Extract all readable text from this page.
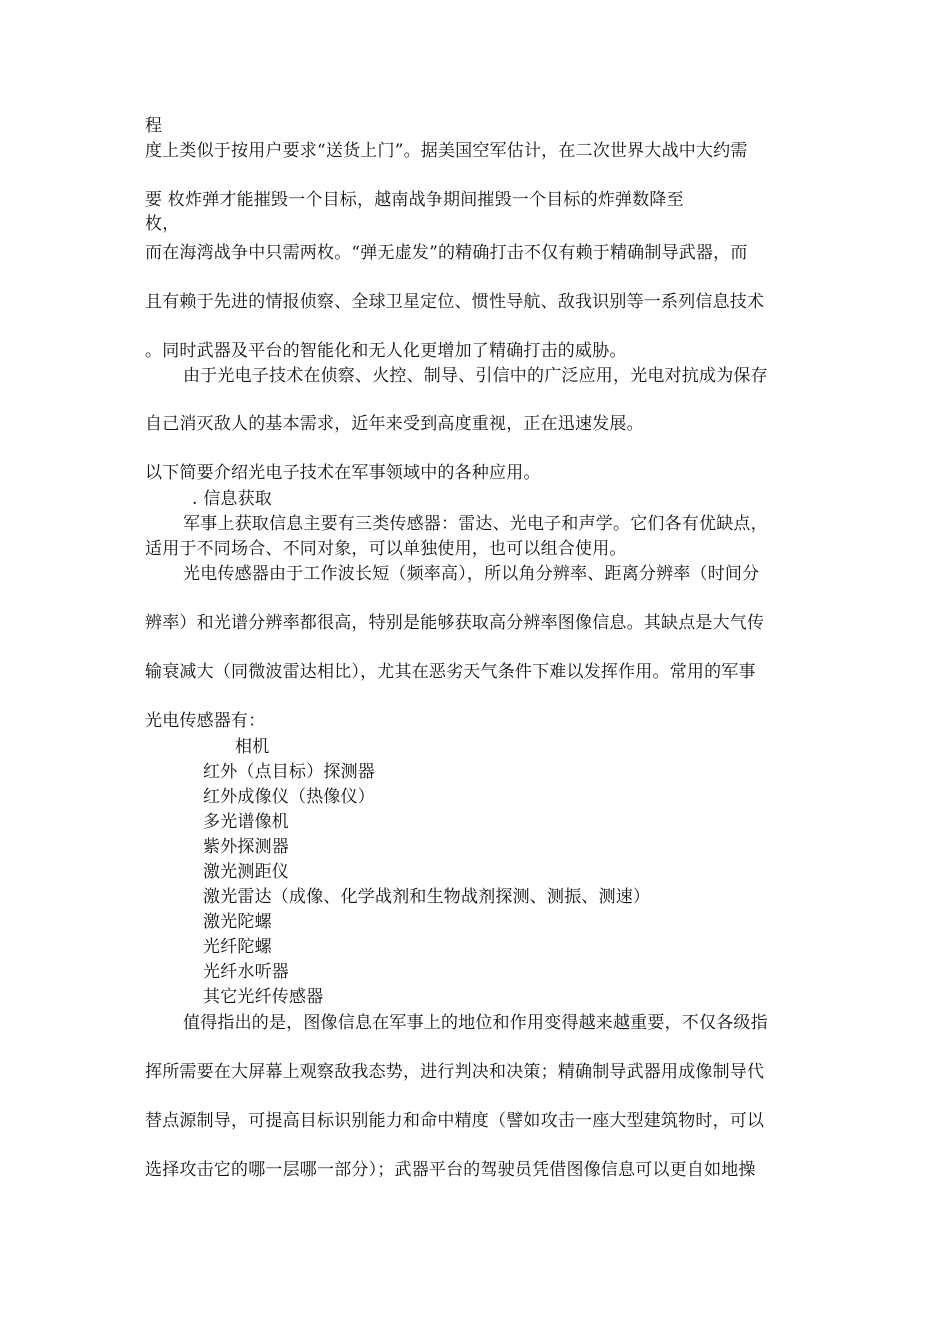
程
度上类似于按用户要求“送货上门”。据美国空军估计，在二次世界大战中大约需
要 枚炸弹才能摧毁一个目标，越南战争期间摧毁一个目标的炸弹数降至
枚，
而在海湾战争中只需两枚。“弹无虚发”的精确打击不仅有赖于精确制导武器，而
且有赖于先进的情报侦察、全球卫星定位、惯性导航、敌我识别等一系列信息技术
。同时武器及平台的智能化和无人化更增加了精确打击的威胁。
由于光电子技术在侦察、火控、制导、引信中的广泛应用，光电对抗成为保存
自己消灭敌人的基本需求，近年来受到高度重视，正在迅速发展。
以下简要介绍光电子技术在军事领域中的各种应用。
. 信息获取
军事上获取信息主要有三类传感器：雷达、光电子和声学。它们各有优缺点，
适用于不同场合、不同对象，可以单独使用，也可以组合使用。
光电传感器由于工作波长短（频率高），所以角分辨率、距离分辨率（时间分
辨率）和光谱分辨率都很高，特别是能够获取高分辨率图像信息。其缺点是大气传
输衰减大（同微波雷达相比），尤其在恶劣天气条件下难以发挥作用。常用的军事
光电传感器有：
相机
红外（点目标）探测器
红外成像仪（热像仪）
多光谱像机
紫外探测器
激光测距仪
激光雷达（成像、化学战剂和生物战剂探测、测振、测速）
激光陀螺
光纤陀螺
光纤水听器
其它光纤传感器
值得指出的是，图像信息在军事上的地位和作用变得越来越重要，不仅各级指
挥所需要在大屏幕上观察敌我态势，进行判决和决策；精确制导武器用成像制导代
替点源制导，可提高目标识别能力和命中精度（譬如攻击一座大型建筑物时，可以
选择攻击它的哪一层哪一部分）；武器平台的驾驶员凭借图像信息可以更自如地操
